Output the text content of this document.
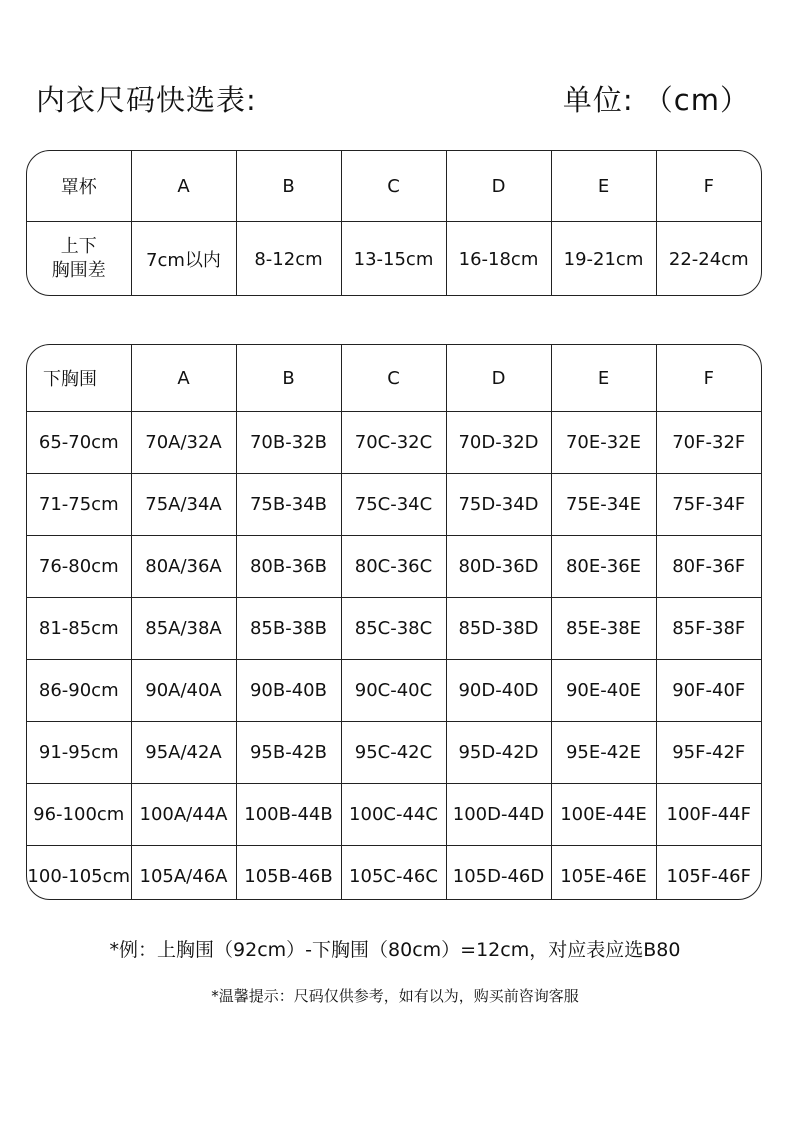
内衣尺码快选表:	单位: （cm）
罩杯	A	B	C	D	E	F

上下
胸围差	7cm以内	8-12cm	13-15cm	16-18cm	19-21cm	22-24cm
下胸围	A	B	C	D	E	F
65-70cm	70A/32A	70B-32B	70C-32C	70D-32D	70E-32E	70F-32F
71-75cm	75A/34A	75B-34B	75C-34C	75D-34D	75E-34E	75F-34F
76-80cm	80A/36A	80B-36B	80C-36C	80D-36D	80E-36E	80F-36F
81-85cm	85A/38A	85B-38B	85C-38C	85D-38D	85E-38E	85F-38F
86-90cm	90A/40A	90B-40B	90C-40C	90D-40D	90E-40E	90F-40F
91-95cm	95A/42A	95B-42B	95C-42C	95D-42D	95E-42E	95F-42F
96-100cm	100A/44A	100B-44B	100C-44C	100D-44D	100E-44E	100F-44F
100-105cm	105A/46A	105B-46B	105C-46C	105D-46D	105E-46E	105F-46F
*例：上胸围（92cm）-下胸围（80cm）=12cm，对应表应选B80
*温馨提示：尺码仅供参考，如有以为，购买前咨询客服
